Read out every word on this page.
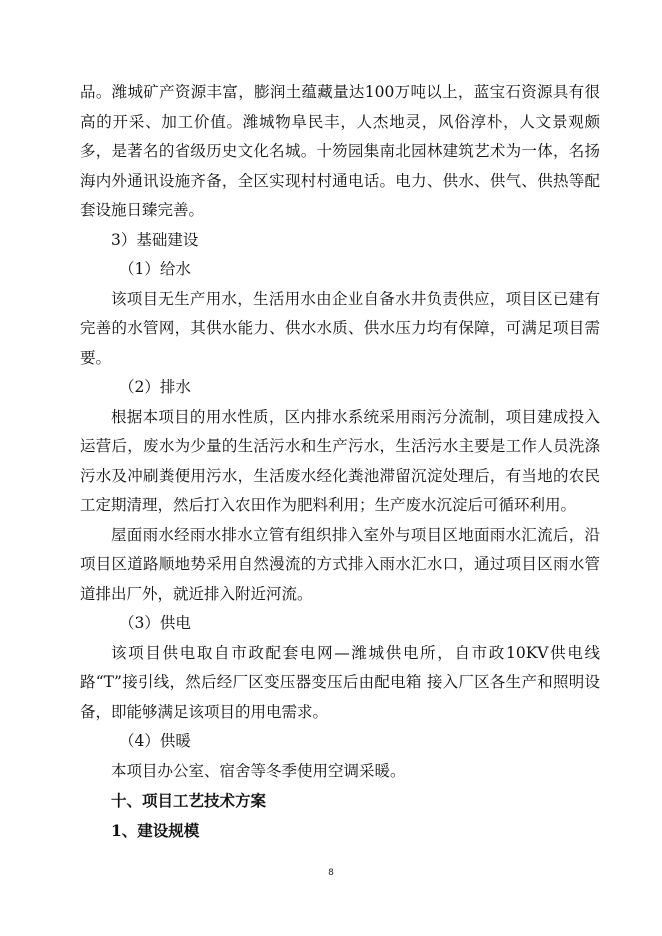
品。潍城矿产资源丰富，膨润土蕴藏量达100万吨以上，蓝宝石资源具有很高的开采、加工价值。潍城物阜民丰，人杰地灵，风俗淳朴，人文景观颇多，是著名的省级历史文化名城。十笏园集南北园林建筑艺术为一体，名扬海内外通讯设施齐备，全区实现村村通电话。电力、供水、供气、供热等配套设施日臻完善。

3）基础建设

（1）给水

该项目无生产用水，生活用水由企业自备水井负责供应，项目区已建有完善的水管网，其供水能力、供水水质、供水压力均有保障，可满足项目需要。

（2）排水

根据本项目的用水性质，区内排水系统采用雨污分流制，项目建成投入运营后，废水为少量的生活污水和生产污水，生活污水主要是工作人员洗涤污水及冲刷粪便用污水，生活废水经化粪池滞留沉淀处理后，有当地的农民工定期清理，然后打入农田作为肥料利用；生产废水沉淀后可循环利用。

屋面雨水经雨水排水立管有组织排入室外与项目区地面雨水汇流后，沿项目区道路顺地势采用自然漫流的方式排入雨水汇水口，通过项目区雨水管道排出厂外，就近排入附近河流。

（3）供电

该项目供电取自市政配套电网—潍城供电所，自市政10KV供电线路“T”接引线，然后经厂区变压器变压后由配电箱 接入厂区各生产和照明设备，即能够满足该项目的用电需求。

（4）供暖

本项目办公室、宿舍等冬季使用空调采暖。

十、项目工艺技术方案

1、建设规模

8
